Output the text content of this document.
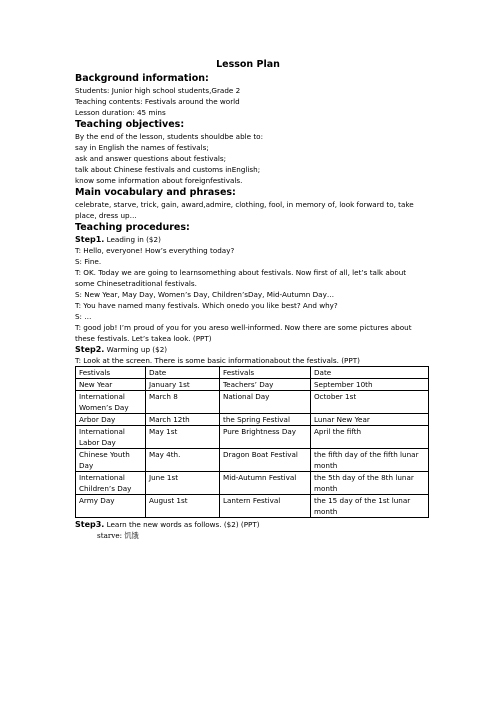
Lesson Plan
Background information:
Students: Junior high school students,Grade 2
Teaching contents: Festivals around the world
Lesson duration: 45 mins
Teaching objectives:
By the end of the lesson, students shouldbe able to:
say in English the names of festivals;
ask and answer questions about festivals;
talk about Chinese festivals and customs inEnglish;
know some information about foreignfestivals.
Main vocabulary and phrases:
celebrate, starve, trick, gain, award,admire, clothing, fool, in memory of, look forward to, take place, dress up…
Teaching procedures:
Step1. Leading in ($2)
T: Hello, everyone! How’s everything today?
S: Fine.
T: OK. Today we are going to learnsomething about festivals. Now first of all, let’s talk about some Chinesetraditional festivals.
S: New Year, May Day, Women’s Day, Children’sDay, Mid-Autumn Day…
T: You have named many festivals. Which onedo you like best? And why?
S: …
T: good job! I’m proud of you for you areso well-informed. Now there are some pictures about these festivals. Let’s takea look. (PPT)
Step2. Warming up ($2)
T: Look at the screen. There is some basic informationabout the festivals. (PPT)
Festivals	Date	Festivals	Date
New Year	January 1st	Teachers’ Day	September 10th
International Women’s Day	March 8	National Day	October 1st
Arbor Day	March 12th	the Spring Festival	Lunar New Year
International Labor Day	May 1st	Pure Brightness Day	April the fifth
Chinese Youth Day	May 4th.	Dragon Boat Festival	the fifth day of the fifth lunar month
International Children’s Day	June 1st	Mid-Autumn Festival	the 5th day of the 8th lunar month
Army Day	August 1st	Lantern Festival	the 15 day of the 1st lunar month
Step3. Learn the new words as follows. ($2) (PPT)
starve: 饥饿
